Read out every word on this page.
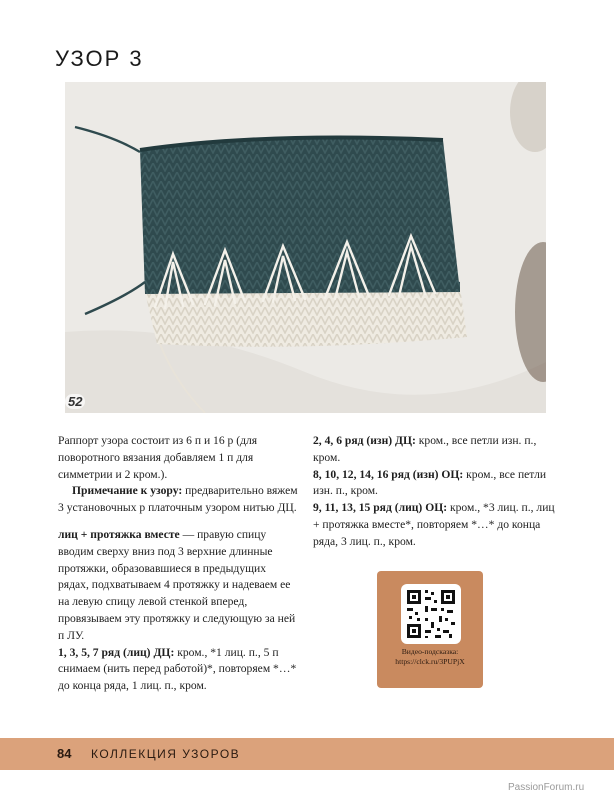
УЗОР 3
52

Раппорт узора состоит из 6 п и 16 р (для поворотного вязания добавляем 1 п для симметрии и 2 кром.).

Примечание к узору: предварительно вяжем 3 установочных р платочным узором нитью ДЦ.

лиц + протяжка вместе — правую спицу вводим сверху вниз под 3 верхние длинные протяжки, образовавшиеся в предыдущих рядах, подхватываем 4 протяжку и надеваем ее на левую спицу левой стенкой вперед, провязываем эту протяжку и следующую за ней п ЛУ.

1, 3, 5, 7 ряд (лиц) ДЦ: кром., *1 лиц. п., 5 п снимаем (нить перед работой)*, повторяем *…* до конца ряда, 1 лиц. п., кром.

2, 4, 6 ряд (изн) ДЦ: кром., все петли изн. п., кром.

8, 10, 12, 14, 16 ряд (изн) ОЦ: кром., все петли изн. п., кром.

9, 11, 13, 15 ряд (лиц) ОЦ: кром., *3 лиц. п., лиц + протяжка вместе*, повторяем *…* до конца ряда, 3 лиц. п., кром.

Видео-подсказка:
https://clck.ru/3PUPjX
84 КОЛЛЕКЦИЯ УЗОРОВ
PassionForum.ru
